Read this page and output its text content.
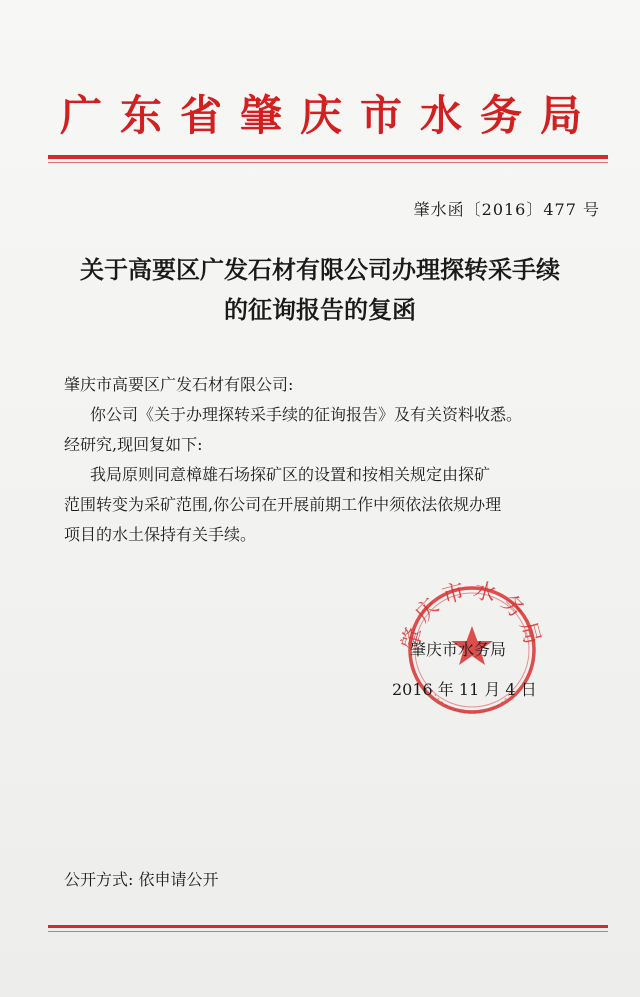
广东省肇庆市水务局
肇水函〔2016〕477 号
关于高要区广发石材有限公司办理探转采手续
的征询报告的复函

肇庆市高要区广发石材有限公司:

你公司《关于办理探转采手续的征询报告》及有关资料收悉。

经研究,现回复如下:

我局原则同意樟雄石场探矿区的设置和按相关规定由探矿

范围转变为采矿范围,你公司在开展前期工作中须依法依规办理

项目的水土保持有关手续。

肇庆市水务局
肇庆市水务局
2016 年 11 月 4 日
公开方式: 依申请公开
